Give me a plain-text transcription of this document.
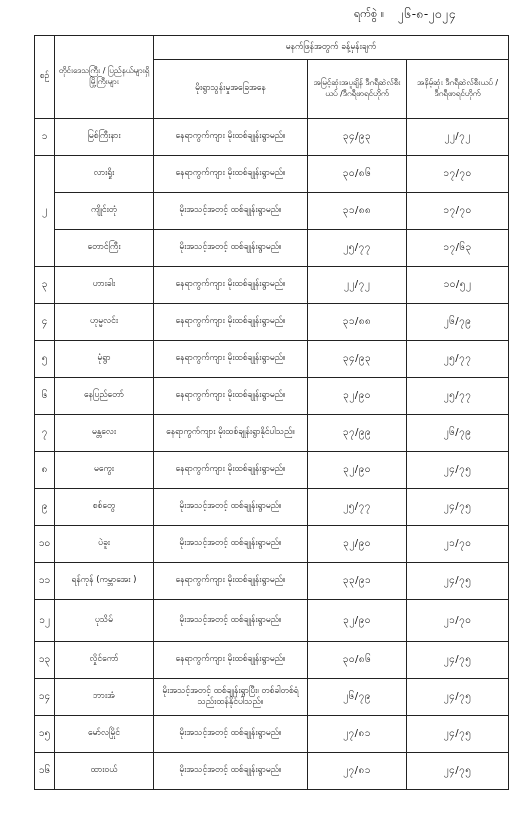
ရက်စွဲ ။ ၂၆-၈-၂၀၂၄
စဉ်	တိုင်းဒေသကြီး / ပြည်နယ်များရှိ မြို့ကြီးများ	မနက်ဖြန်အတွက် ခန့်မှန်းချက်		
		မိုးရွာသွန်းမှုအခြေအနေ	အမြင့်ဆုံးအပူချိန် ဒီဂရီဆဲလ်စီးယပ် /ဒီဂရီဖာရင်ဟိုက်	အနိမ့်ဆုံး ဒီဂရီဆဲလ်စီးယပ် / ဒီဂရီဖာရင်ဟိုက်
၁	မြစ်ကြီးနား	နေရာကွက်ကျား မိုးထစ်ချုန်းရွာမည်။	၃၄/၉၃	၂၂/၇၂
၂	လားရှိုး	နေရာကွက်ကျား မိုးထစ်ချုန်းရွာမည်။	၃၀/၈၆	၁၇/၇၀
	ကျိုင်းတုံ	မိုးအသင့်အတင့် ထစ်ချုန်းရွာမည်။	၃၁/၈၈	၁၇/၇၀
	တောင်ကြီး	မိုးအသင့်အတင့် ထစ်ချုန်းရွာမည်။	၂၅/၇၇	၁၇/၆၃
၃	ဟားခါး	နေရာကွက်ကျား မိုးထစ်ချုန်းရွာမည်။	၂၂/၇၂	၁၀/၅၂
၄	ဟုမ္မလင်း	နေရာကွက်ကျား မိုးထစ်ချုန်းရွာမည်။	၃၁/၈၈	၂၆/၇၉
၅	မုံရွာ	နေရာကွက်ကျား မိုးထစ်ချုန်းရွာမည်။	၃၄/၉၃	၂၅/၇၇
၆	နေပြည်တော်	နေရာကွက်ကျား မိုးထစ်ချုန်းရွာမည်။	၃၂/၉၀	၂၅/၇၇
၇	မန္တလေး	နေရာကွက်ကျား မိုးထစ်ချုန်းရွာနိုင်ပါသည်။	၃၇/၉၉	၂၆/၇၉
၈	မကွေး	နေရာကွက်ကျား မိုးထစ်ချုန်းရွာမည်။	၃၂/၉၀	၂၄/၇၅
၉	စစ်တွေ	မိုးအသင့်အတင့် ထစ်ချုန်းရွာမည်။	၂၅/၇၇	၂၄/၇၅
၁၀	ပဲခူး	မိုးအသင့်အတင့် ထစ်ချုန်းရွာမည်။	၃၂/၉၀	၂၁/၇၀
၁၁	ရန်ကုန် (ကမ္ဘာအေး )	နေရာကွက်ကျား မိုးထစ်ချုန်းရွာမည်။	၃၃/၉၁	၂၄/၇၅
၁၂	ပုသိမ်	မိုးအသင့်အတင့် ထစ်ချုန်းရွာမည်။	၃၂/၉၀	၂၁/၇၀
၁၃	လှိုင်ကော်	နေရာကွက်ကျား မိုးထစ်ချုန်းရွာမည်။	၃၀/၈၆	၂၄/၇၅
၁၄	ဘားအံ	မိုးအသင့်အတင့် ထစ်ချုန်းရွာပြီး၊ တစ်ခါတစ်ရံ သည်းထန်နိုင်ပါသည်။	၂၆/၇၉	၂၄/၇၅
၁၅	မော်လမြိုင်	မိုးအသင့်အတင့် ထစ်ချုန်းရွာမည်။	၂၇/၈၁	၂၄/၇၅
၁၆	ထားဝယ်	မိုးအသင့်အတင့် ထစ်ချုန်းရွာမည်။	၂၇/၈၁	၂၄/၇၅
